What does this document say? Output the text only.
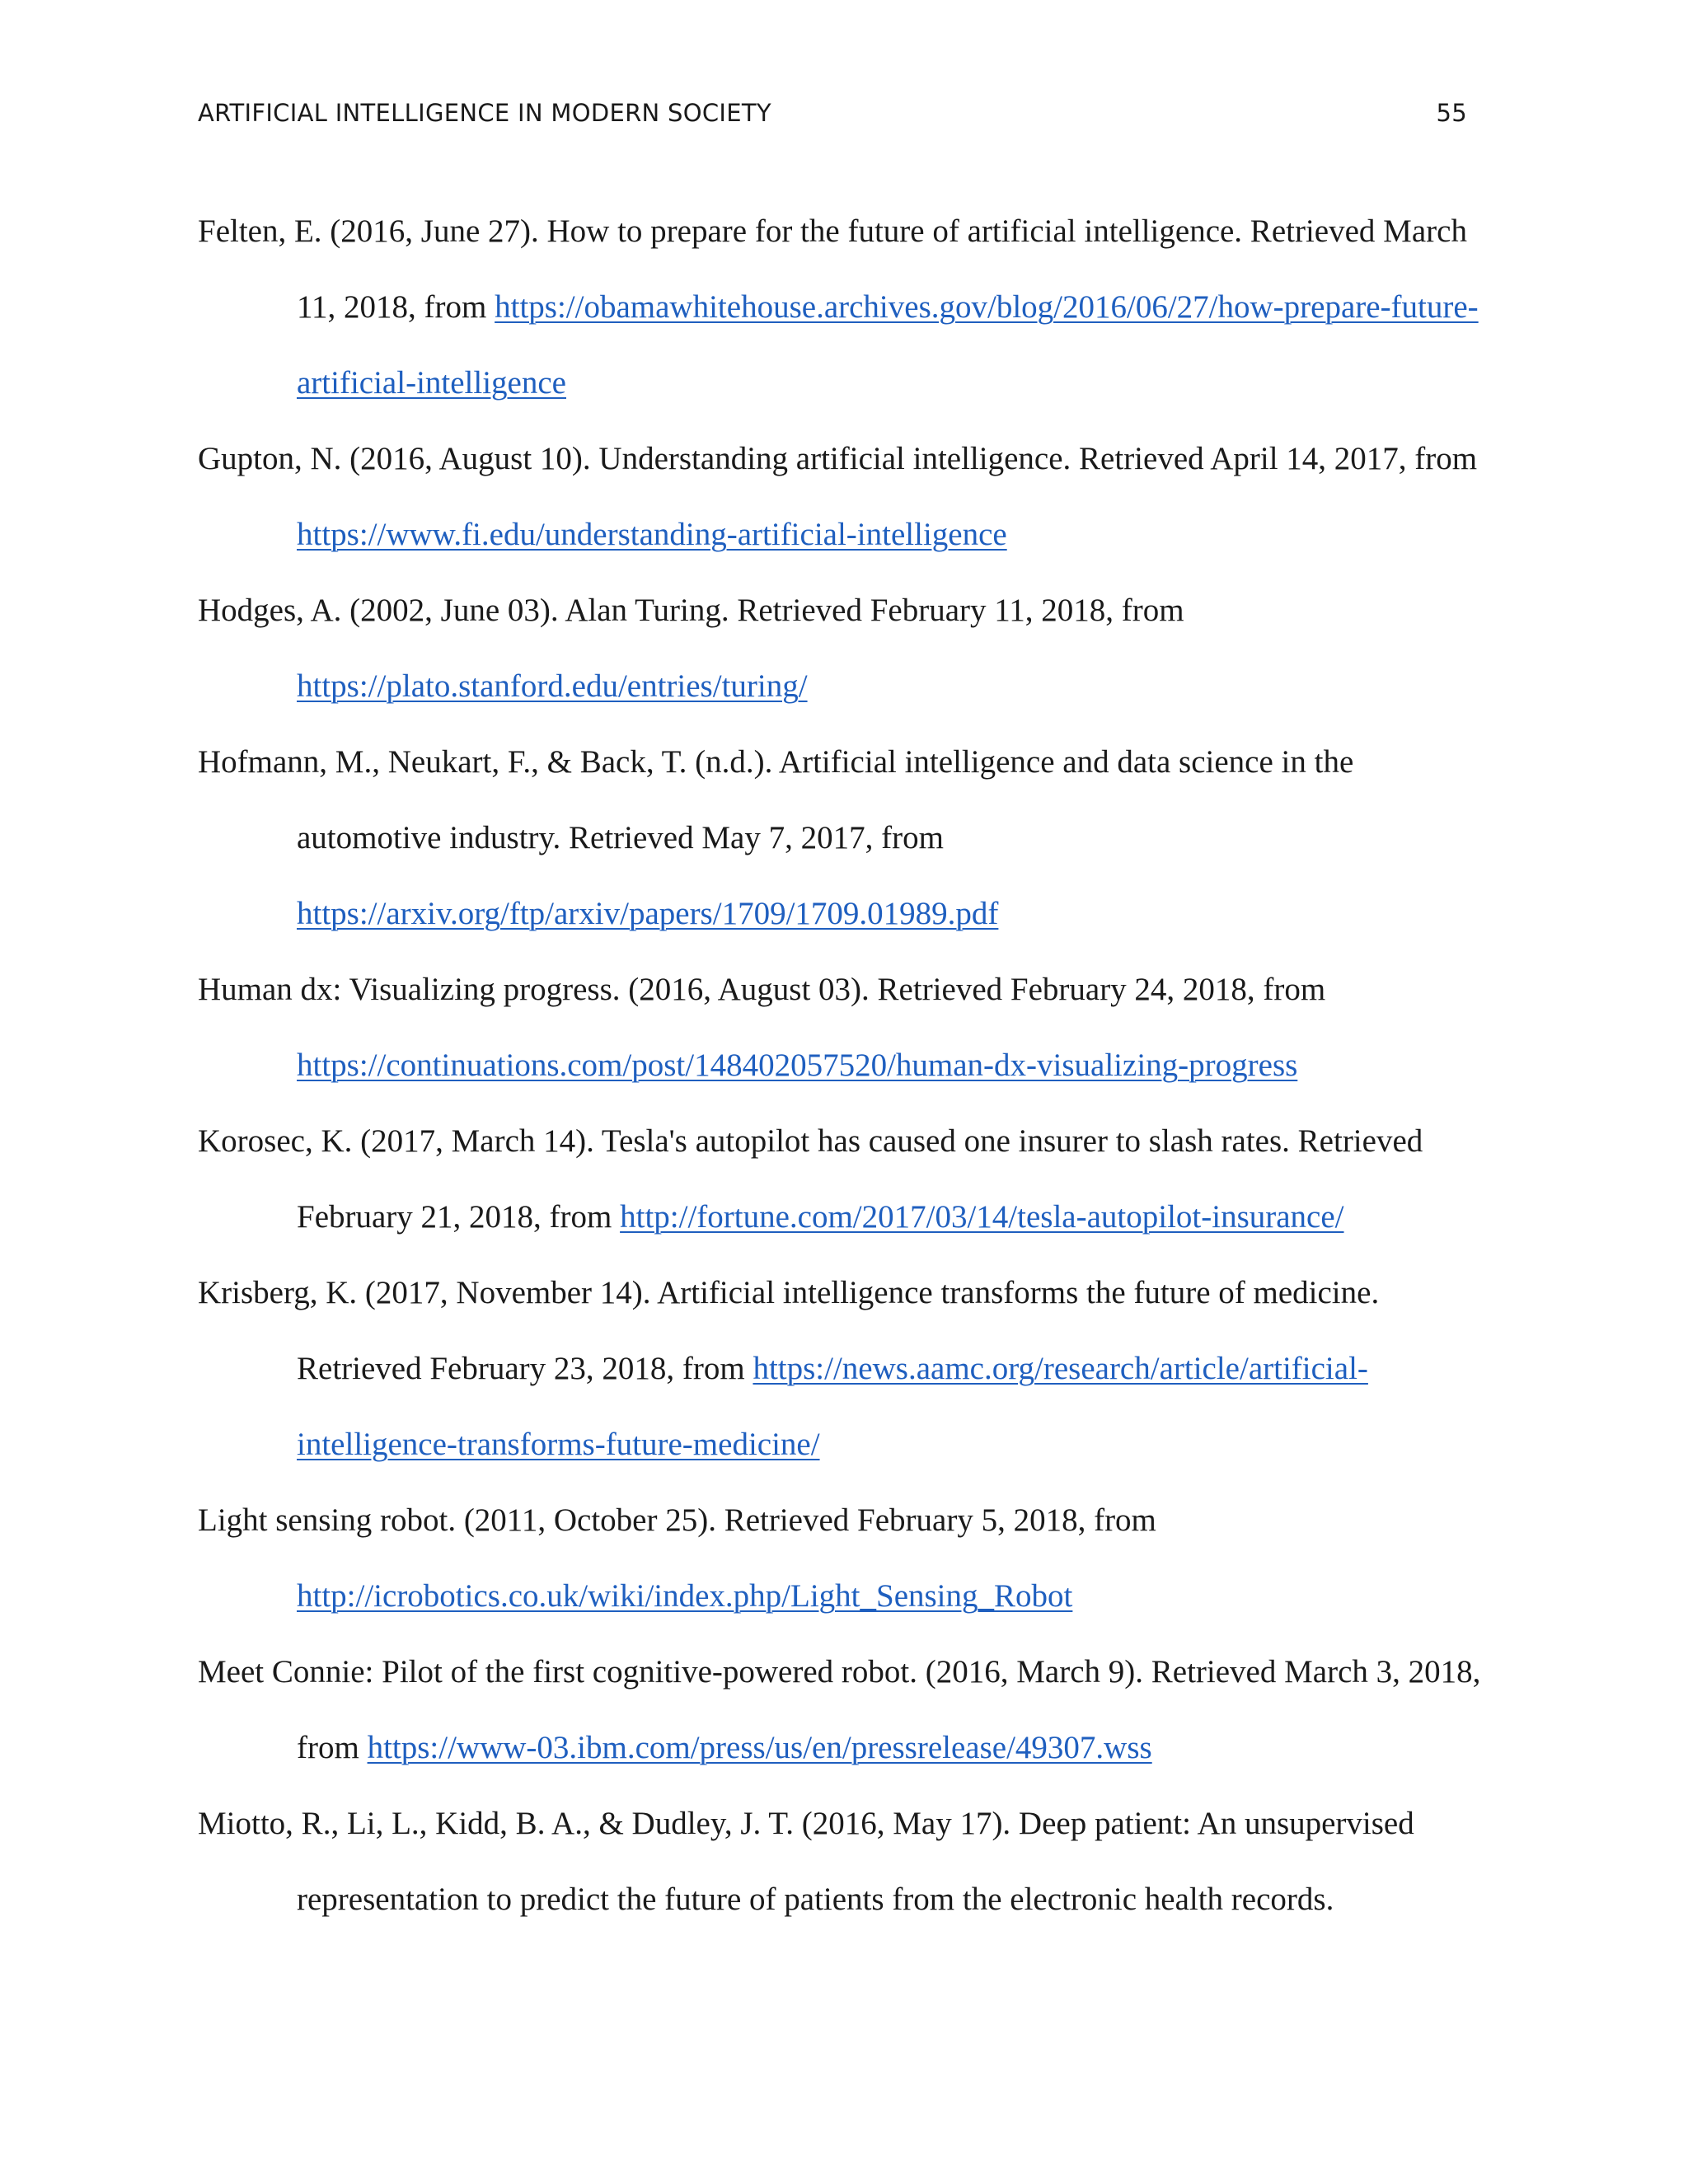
ARTIFICIAL INTELLIGENCE IN MODERN SOCIETY	55

Felten, E. (2016, June 27). How to prepare for the future of artificial intelligence. Retrieved March 11, 2018, from https://obamawhitehouse.archives.gov/blog/2016/06/27/how-​prepare-future-artificial-intelligence

Gupton, N. (2016, August 10). Understanding artificial intelligence. Retrieved April 14, 2017, from https://www.fi.edu/understanding-artificial-intelligence

Hodges, A. (2002, June 03). Alan Turing. Retrieved February 11, 2018, from https://plato.stanford.edu/entries/turing/

Hofmann, M., Neukart, F., & Back, T. (n.d.). Artificial intelligence and data science in the automotive industry. Retrieved May 7, 2017, from https://arxiv.org/ftp/arxiv/papers/1709/1709.01989.pdf

Human dx: Visualizing progress. (2016, August 03). Retrieved February 24, 2018, from https://continuations.com/post/148402057520/human-dx-visualizing-progress

Korosec, K. (2017, March 14). Tesla's autopilot has caused one insurer to slash rates. Retrieved February 21, 2018, from http://fortune.com/2017/03/14/tesla-autopilot-insurance/

Krisberg, K. (2017, November 14). Artificial intelligence transforms the future of medicine. Retrieved February 23, 2018, from https://news.aamc.org/research/article/artificial-​intelligence-transforms-future-medicine/

Light sensing robot. (2011, October 25). Retrieved February 5, 2018, from http://icrobotics.co.uk/wiki/index.php/Light_Sensing_Robot

Meet Connie: Pilot of the first cognitive-powered robot. (2016, March 9). Retrieved March 3, 2018, from https://www-03.ibm.com/press/us/en/pressrelease/49307.wss

Miotto, R., Li, L., Kidd, B. A., & Dudley, J. T. (2016, May 17). Deep patient: An unsupervised representation to predict the future of patients from the electronic health records.
